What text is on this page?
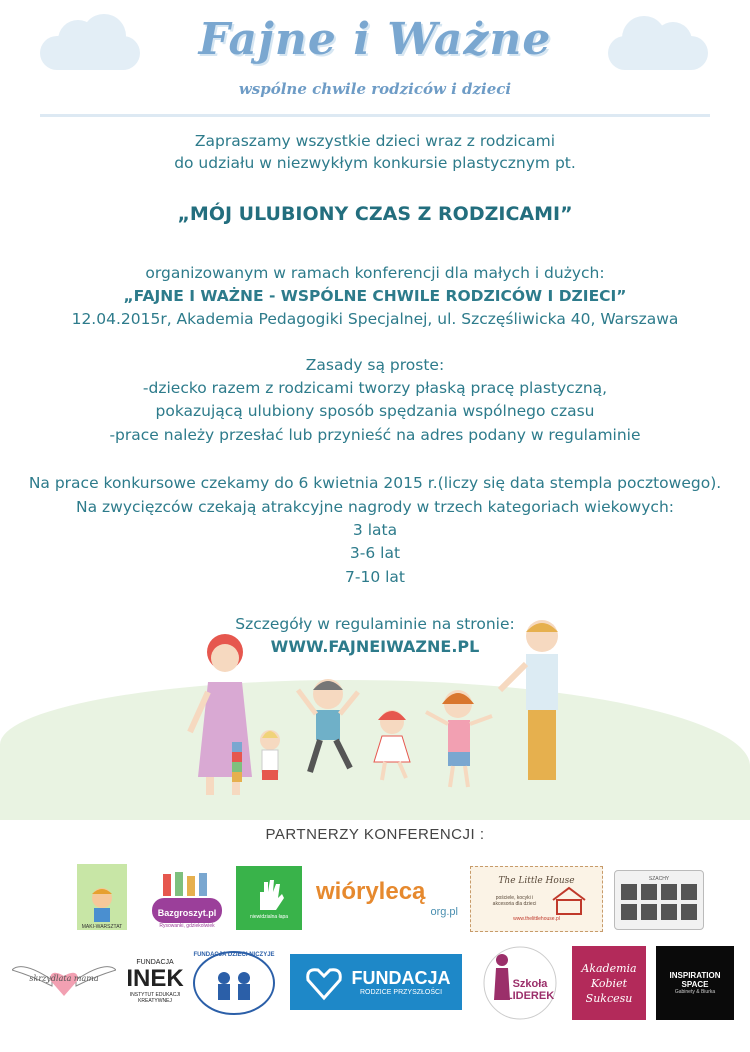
Fajne i Ważne
wspólne chwile rodziców i dzieci
Zapraszamy wszystkie dzieci wraz z rodzicami
do udziału w niezwykłym konkursie plastycznym pt.
„MÓJ ULUBIONY CZAS Z RODZICAMI”
organizowanym w ramach konferencji dla małych i dużych:
„FAJNE I WAŻNE - WSPÓLNE CHWILE RODZICÓW I DZIECI”
12.04.2015r, Akademia Pedagogiki Specjalnej, ul. Szczęśliwicka 40, Warszawa
Zasady są proste:
-dziecko razem z rodzicami tworzy płaską pracę plastyczną,
pokazującą ulubiony sposób spędzania wspólnego czasu
-prace należy przesłać lub przynieść na adres podany w regulaminie
Na prace konkursowe czekamy do 6 kwietnia 2015 r.(liczy się data stempla pocztowego).
Na zwycięzców czekają atrakcyjne nagrody w trzech kategoriach wiekowych:
3 lata
3-6 lat
7-10 lat
Szczegóły w regulaminie na stronie:
WWW.FAJNEIWAZNE.PL
PARTNERZY KONFERENCJI :
MAKI-WARSZTAT
Bazgroszyt.pl
Rysowanki, gdziekolwiek
niewidzialna łapa
wiórylecą
org.pl
The Little House
pościele, kocyki i akcesoria dla dzieci
www.thelittlehouse.pl
SZACHY
skrzydlata mama
FUNDACJA
INEK
INSTYTUT EDUKACJI KREATYWNEJ
FUNDACJA DZIECI NICZYJE
FUNDACJA
RODZICE PRZYSZŁOŚCI
Szkoła LIDEREK
Akademia Kobiet Sukcesu
INSPIRATION SPACE
Gabinety & Biurka
